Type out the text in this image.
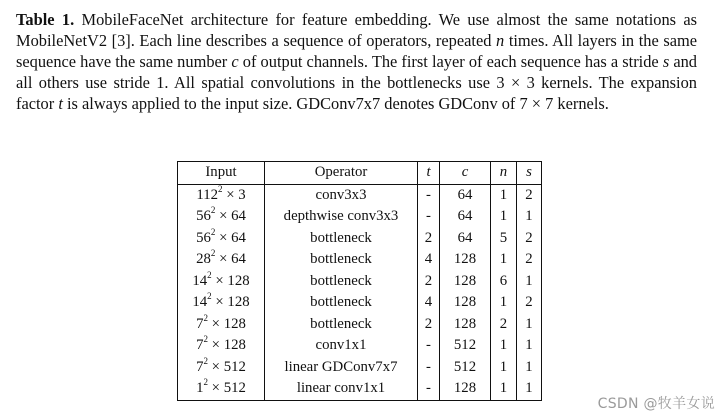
Table 1. MobileFaceNet architecture for feature embedding. We use almost the same notations as MobileNetV2 [3]. Each line describes a sequence of operators, repeated n times. All layers in the same sequence have the same number c of output channels. The first layer of each sequence has a stride s and all others use stride 1. All spatial convolutions in the bottlenecks use 3 × 3 kernels. The expansion factor t is always applied to the input size. GDConv7x7 denotes GDConv of 7 × 7 kernels.
Input	Operator	t	c	n	s
$112^2 \times 3$	conv3x3	-	64	1	2
$56^2 \times 64$	depthwise conv3x3	-	64	1	1
$56^2 \times 64$	bottleneck	2	64	5	2
$28^2 \times 64$	bottleneck	4	128	1	2
$14^2 \times 128$	bottleneck	2	128	6	1
$14^2 \times 128$	bottleneck	4	128	1	2
$7^2 \times 128$	bottleneck	2	128	2	1
$7^2 \times 128$	conv1x1	-	512	1	1
$7^2 \times 512$	linear GDConv7x7	-	512	1	1
$1^2 \times 512$	linear conv1x1	-	128	1	1
CSDN @牧羊女说
